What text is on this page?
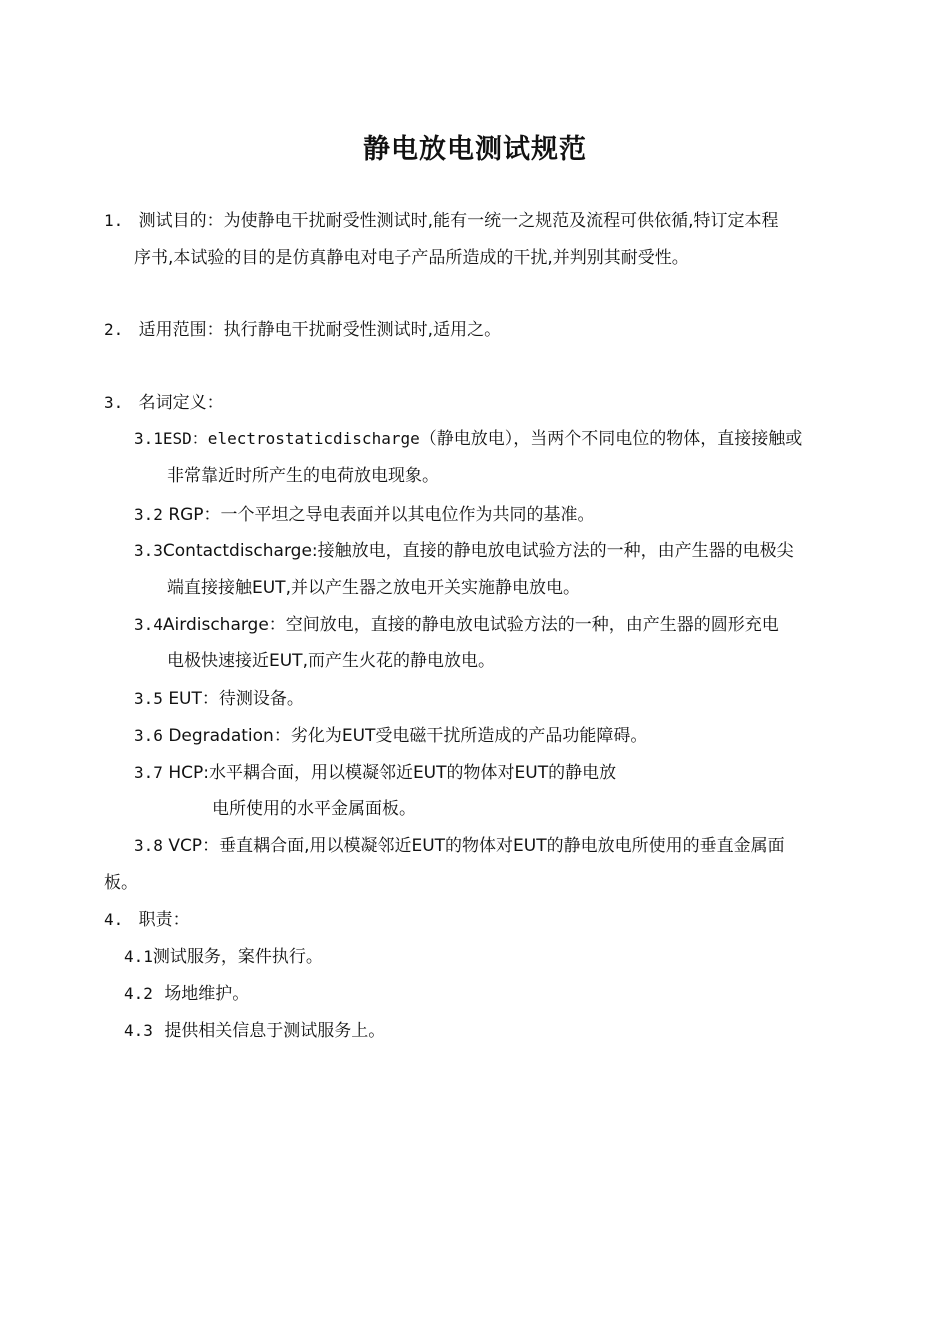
静电放电测试规范
1. 测试目的：为使静电干扰耐受性测试时,能有一统一之规范及流程可供依循,特订定本程
序书,本试验的目的是仿真静电对电子产品所造成的干扰,并判别其耐受性。
2. 适用范围：执行静电干扰耐受性测试时,适用之。
3. 名词定义：
3.1ESD：electrostaticdischarge（静电放电），当两个不同电位的物体，直接接触或
非常靠近时所产生的电荷放电现象。
3.2 RGP：一个平坦之导电表面并以其电位作为共同的基准。
3.3Contactdischarge:接触放电，直接的静电放电试验方法的一种，由产生器的电极尖
端直接接触EUT,并以产生器之放电开关实施静电放电。
3.4Airdischarge：空间放电，直接的静电放电试验方法的一种，由产生器的圆形充电
电极快速接近EUT,而产生火花的静电放电。
3.5 EUT：待测设备。
3.6 Degradation：劣化为EUT受电磁干扰所造成的产品功能障碍。
3.7 HCP:水平耦合面，用以模凝邻近EUT的物体对EUT的静电放
电所使用的水平金属面板。
3.8 VCP：垂直耦合面,用以模凝邻近EUT的物体对EUT的静电放电所使用的垂直金属面
板。
4. 职责：
4.1测试服务，案件执行。
4.2 场地维护。
4.3 提供相关信息于测试服务上。
